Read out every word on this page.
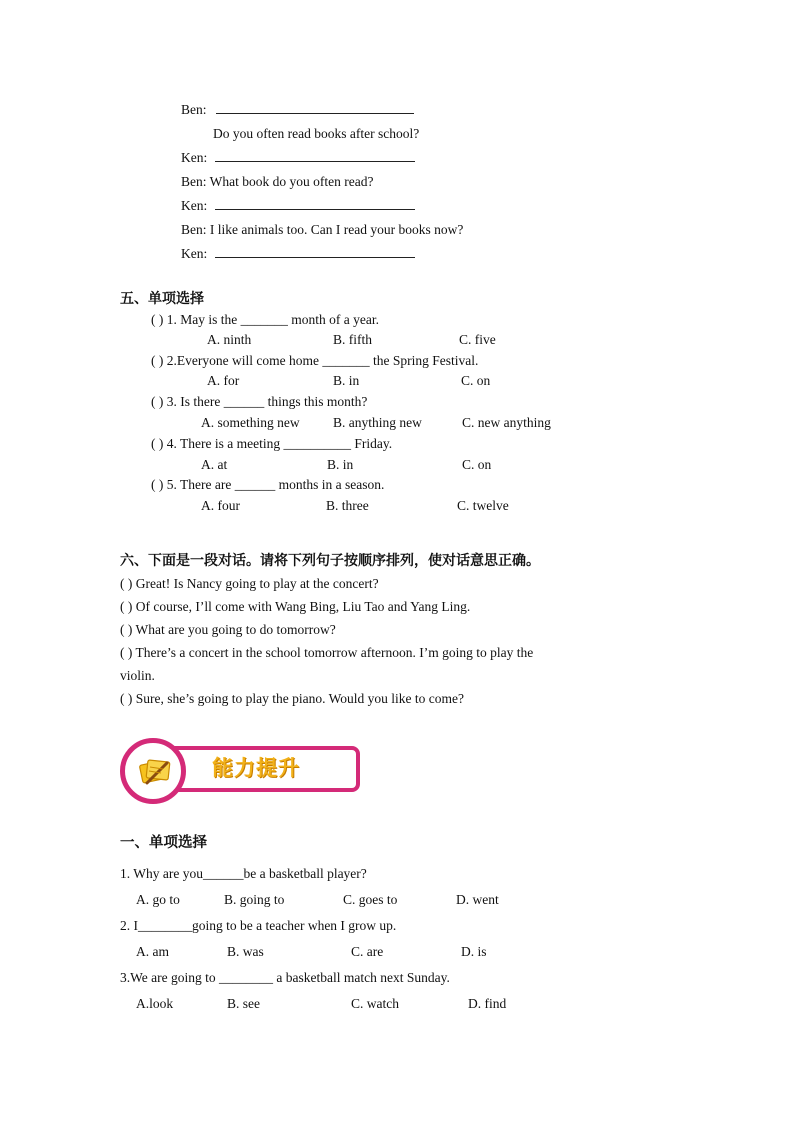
Ben:
Do you often read books after school?
Ken:
Ben: What book do you often read?
Ken:
Ben: I like animals too. Can I read your books now?
Ken:
五、单项选择
( ) 1. May is the _______ month of a year.
A. ninth	B. fifth	C. five
( ) 2.Everyone will come home _______ the Spring Festival.
A. for	B. in	C. on
( ) 3. Is there ______ things this month?
A. something new B. anything new	C. new anything
( ) 4. There is a meeting __________ Friday.
A. at	B. in	C. on
( ) 5. There are ______ months in a season.
A. four	B. three	C. twelve
六、下面是一段对话。请将下列句子按顺序排列，使对话意思正确。
( ) Great! Is Nancy going to play at the concert?
( ) Of course, I’ll come with Wang Bing, Liu Tao and Yang Ling.
( ) What are you going to do tomorrow?
( ) There’s a concert in the school tomorrow afternoon. I’m going to play the
violin.
( ) Sure, she’s going to play the piano. Would you like to come?
能力提升
一、单项选择
1. Why are you______be a basketball player?
A. go to	B. going to	C. goes to	D. went
2. I________going to be a teacher when I grow up.
A. am	B. was	C. are	D. is
3.We are going to ________ a basketball match next Sunday.
A.look	B. see	C. watch	D. find
